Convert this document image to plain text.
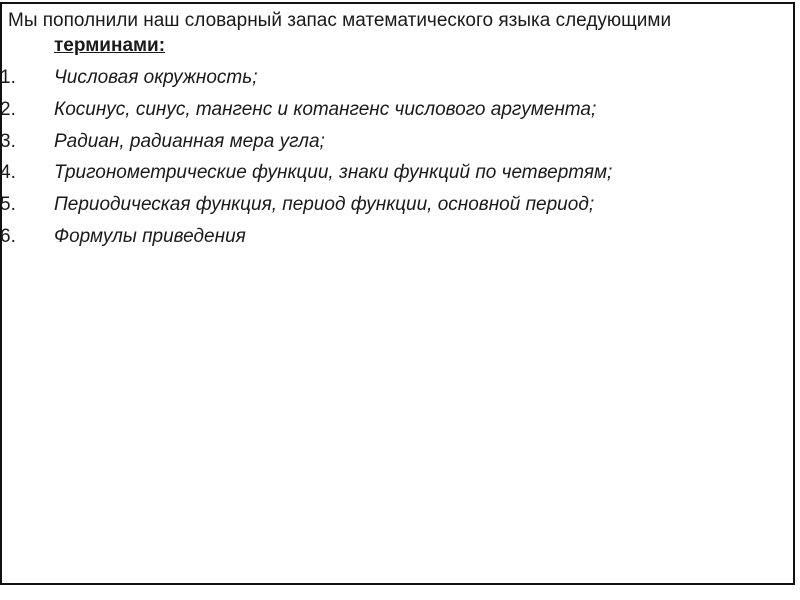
Мы пополнили наш словарный запас математического языка следующими
терминами:
1.	Числовая окружность;
2.	Косинус, синус, тангенс и котангенс числового аргумента;
3.	Радиан, радианная мера угла;
4.	Тригонометрические функции, знаки функций по четвертям;
5.	Периодическая функция, период функции, основной период;
6.	Формулы приведения
